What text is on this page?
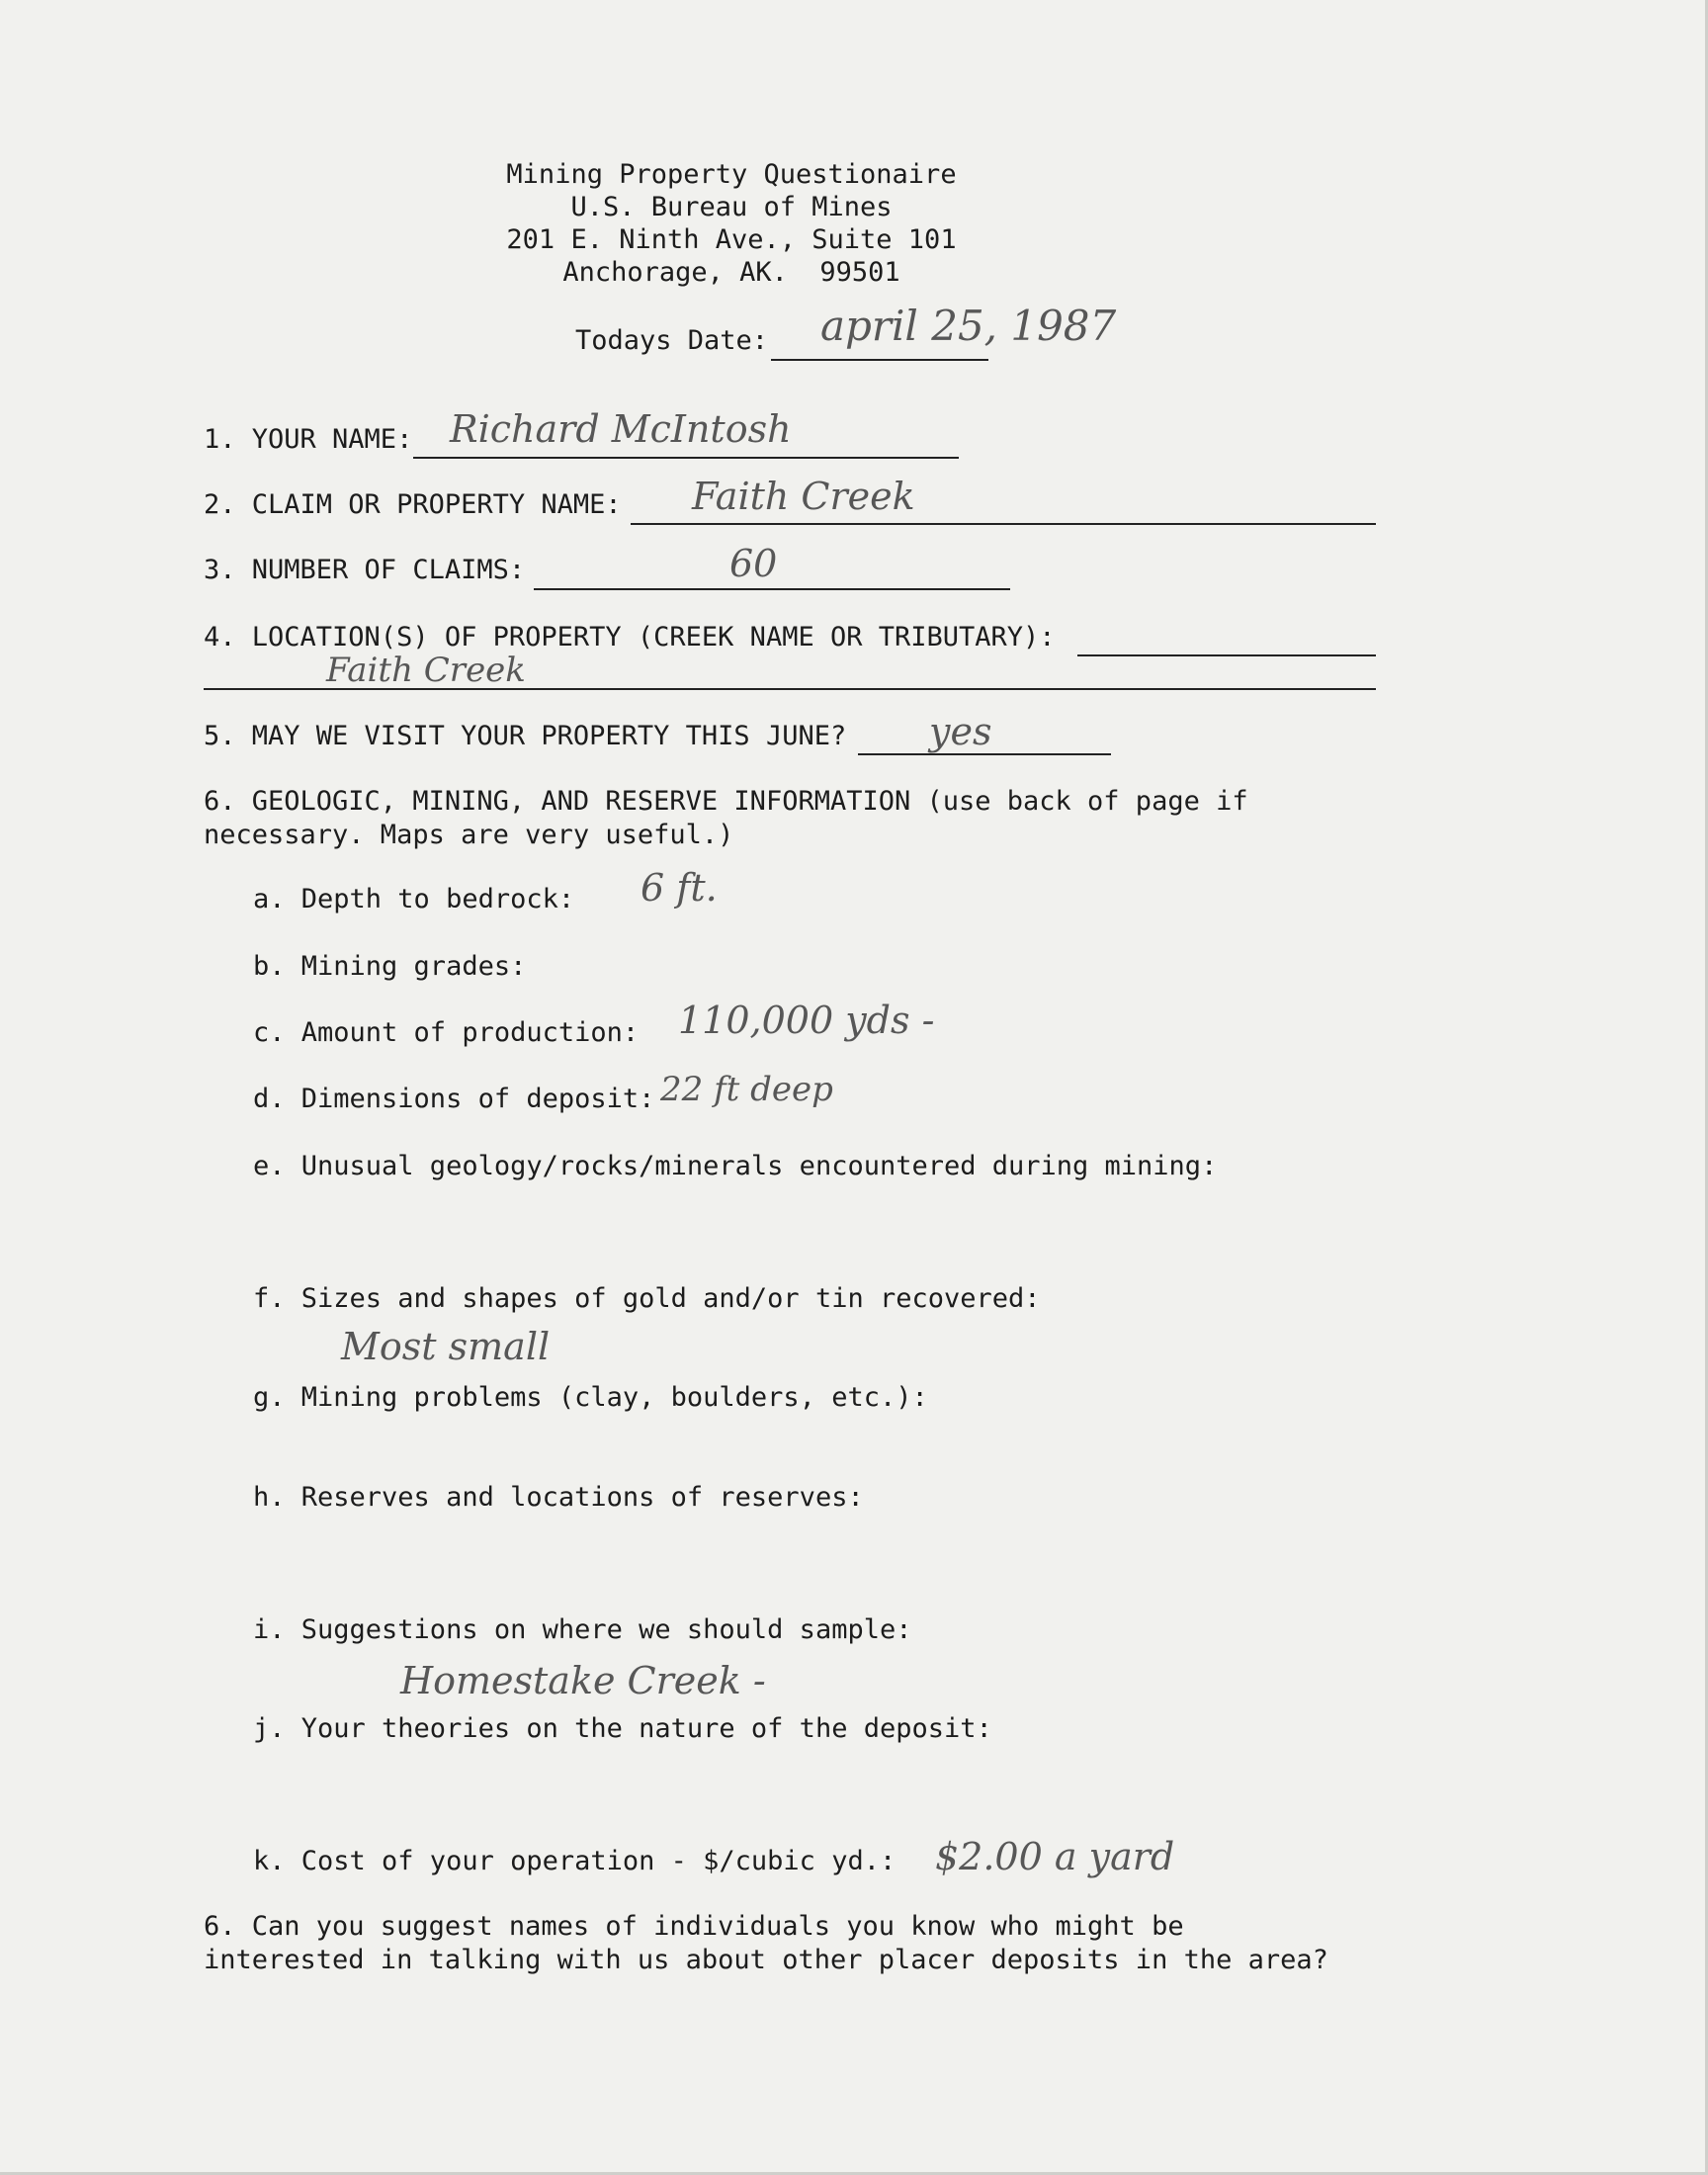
Mining Property Questionaire
U.S. Bureau of Mines
201 E. Ninth Ave., Suite 101
Anchorage, AK.  99501
Todays Date: april 25, 1987
1. YOUR NAME: Richard McIntosh
2. CLAIM OR PROPERTY NAME: Faith Creek
3. NUMBER OF CLAIMS:	60
4. LOCATION(S) OF PROPERTY (CREEK NAME OR TRIBUTARY):
Faith Creek
5. MAY WE VISIT YOUR PROPERTY THIS JUNE? yes
6. GEOLOGIC, MINING, AND RESERVE INFORMATION (use back of page if
necessary. Maps are very useful.)
a. Depth to bedrock: 6 ft.
b. Mining grades:
c. Amount of production: 110,000 yds -
d. Dimensions of deposit: 22 ft deep
e. Unusual geology/rocks/minerals encountered during mining:
f. Sizes and shapes of gold and/or tin recovered:
Most small
g. Mining problems (clay, boulders, etc.):
h. Reserves and locations of reserves:
i. Suggestions on where we should sample:
Homestake Creek -
j. Your theories on the nature of the deposit:
k. Cost of your operation - $/cubic yd.: $2.00 a yard
6. Can you suggest names of individuals you know who might be
interested in talking with us about other placer deposits in the area?
